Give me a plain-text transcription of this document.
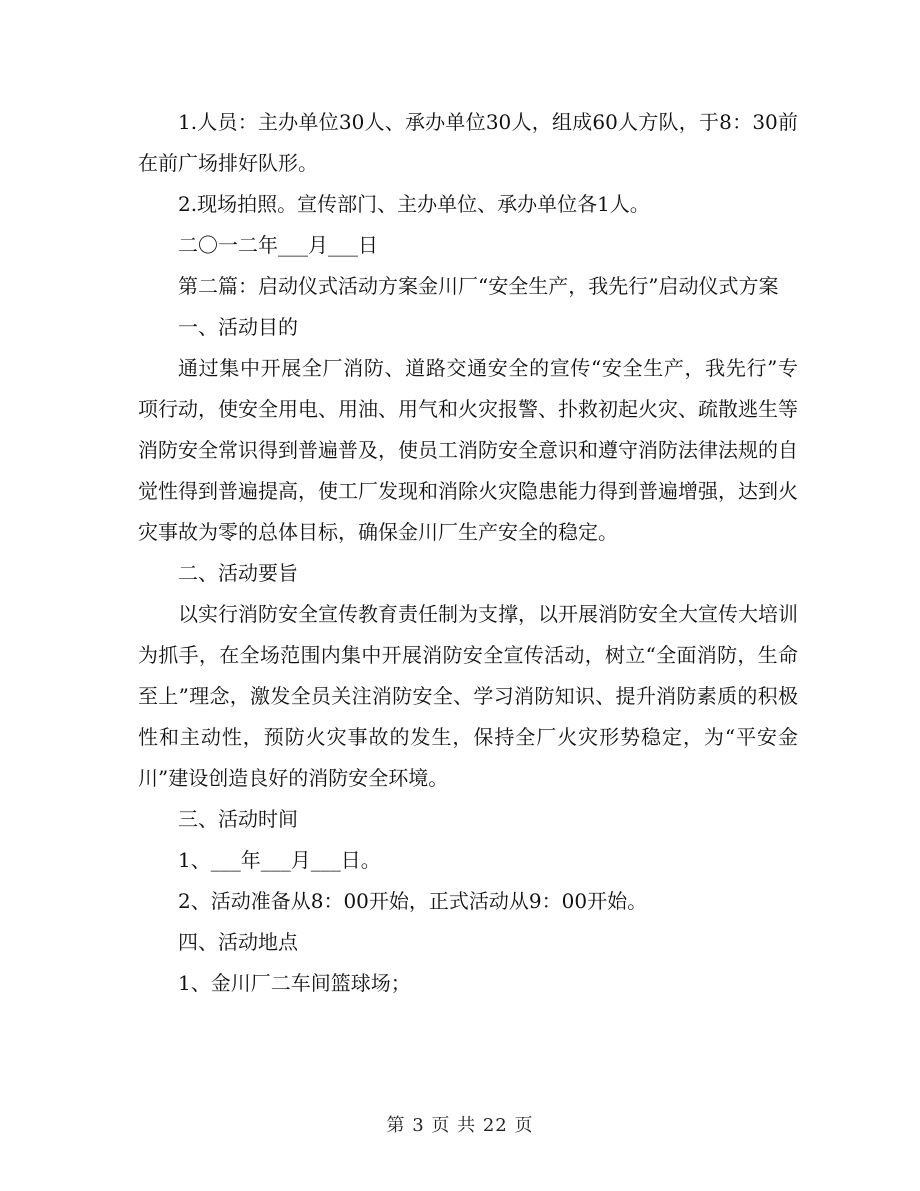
1.人员：主办单位30人、承办单位30人，组成60人方队，于8：30前在前广场排好队形。

2.现场拍照。宣传部门、主办单位、承办单位各1人。

二〇一二年___月___日

第二篇：启动仪式活动方案金川厂“安全生产，我先行”启动仪式方案

一、活动目的

通过集中开展全厂消防、道路交通安全的宣传“安全生产，我先行”专项行动，使安全用电、用油、用气和火灾报警、扑救初起火灾、疏散逃生等消防安全常识得到普遍普及，使员工消防安全意识和遵守消防法律法规的自觉性得到普遍提高，使工厂发现和消除火灾隐患能力得到普遍增强，达到火灾事故为零的总体目标，确保金川厂生产安全的稳定。

二、活动要旨

以实行消防安全宣传教育责任制为支撑，以开展消防安全大宣传大培训为抓手，在全场范围内集中开展消防安全宣传活动，树立“全面消防，生命至上”理念，激发全员关注消防安全、学习消防知识、提升消防素质的积极性和主动性，预防火灾事故的发生，保持全厂火灾形势稳定，为“平安金川”建设创造良好的消防安全环境。

三、活动时间

1、___年___月___日。

2、活动准备从8：00开始，正式活动从9：00开始。

四、活动地点

1、金川厂二车间篮球场；

第 3 页 共 22 页
